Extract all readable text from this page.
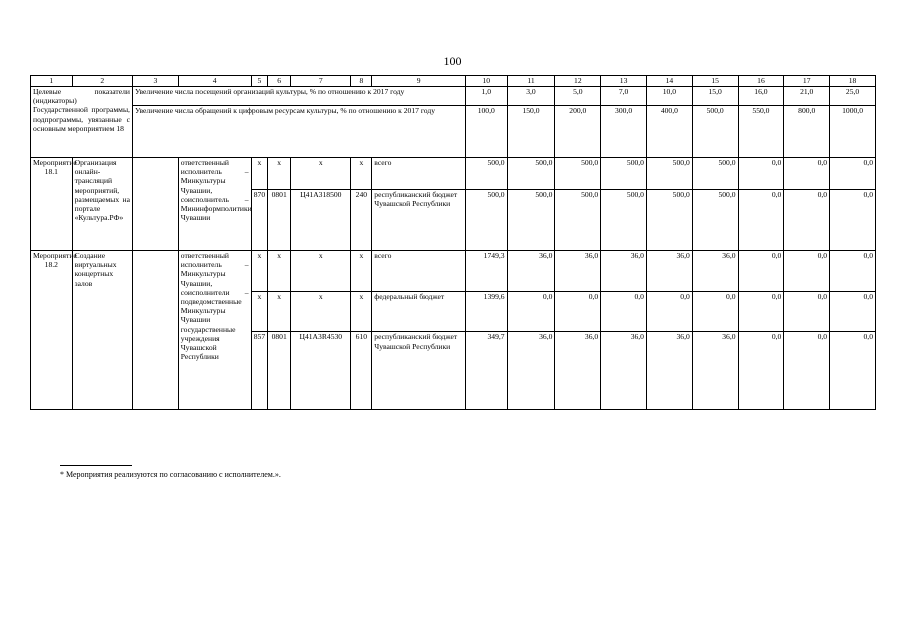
100
1	2	3	4	5	6	7	8	9	10	11	12	13	14	15	16	17	18
Целевые показатели (индикаторы) Государственной программы, подпрограммы, увязанные с основным мероприятием 18		Увеличение числа посещений организаций культуры, % по отношению к 2017 году							1,0	3,0	5,0	7,0	10,0	15,0	16,0	21,0	25,0
		Увеличение числа обращений к цифровым ресурсам культуры, % по отношению к 2017 году							100,0	150,0	200,0	300,0	400,0	500,0	550,0	800,0	1000,0
Мероприятие 18.1	Организация онлайн-трансляций мероприятий, размещаемых на портале «Культура.РФ»		ответственный исполнитель – Минкультуры Чувашии, соисполнитель – Мининформполитики Чувашии	x	x	x	x	всего	500,0	500,0	500,0	500,0	500,0	500,0	0,0	0,0	0,0
				870	0801	Ц41А318500	240	республиканский бюджет Чувашской Республики	500,0	500,0	500,0	500,0	500,0	500,0	0,0	0,0	0,0
Мероприятие 18.2	Создание виртуальных концертных залов		ответственный исполнитель – Минкультуры Чувашии, соисполнители – подведомственные Минкультуры Чувашии государственные учреждения Чувашской Республики	x	x	x	x	всего	1749,3	36,0	36,0	36,0	36,0	36,0	0,0	0,0	0,0
				x	x	x	x	федеральный бюджет	1399,6	0,0	0,0	0,0	0,0	0,0	0,0	0,0	0,0
				857	0801	Ц41А3R4530	610	республиканский бюджет Чувашской Республики	349,7	36,0	36,0	36,0	36,0	36,0	0,0	0,0	0,0
* Мероприятия реализуются по согласованию с исполнителем.».
